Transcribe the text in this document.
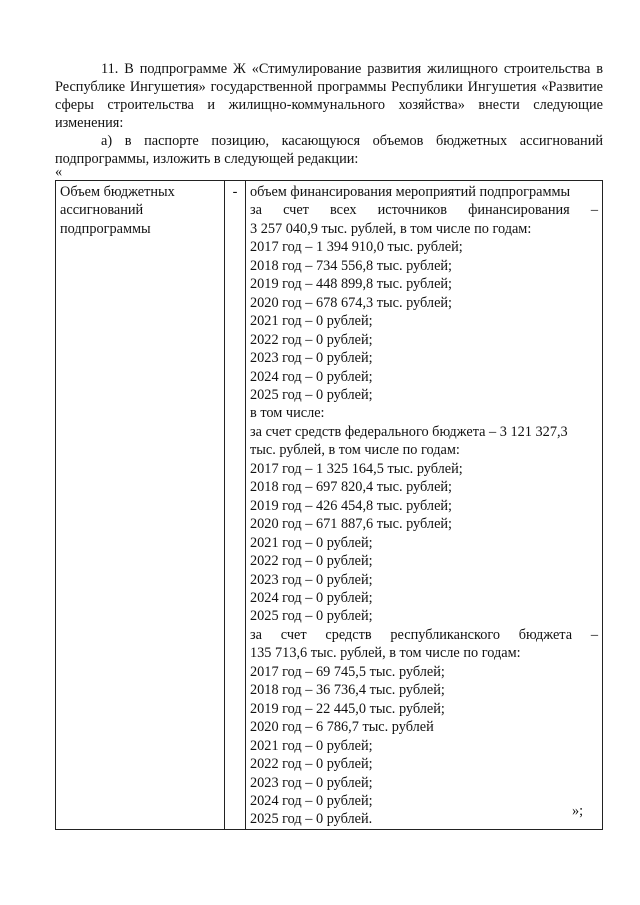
11. В подпрограмме Ж «Стимулирование развития жилищного строительства в Республике Ингушетия» государственной программы Республики Ингушетия «Развитие сферы строительства и жилищно-коммунального хозяйства» внести следующие изменения:

а) в паспорте позицию, касающуюся объемов бюджетных ассигнований подпрограммы, изложить в следующей редакции:

«
Объем бюджетных ассигнований подпрограммы	-	объем финансирования мероприятий подпрограммы
за счет всех источников финансирования –
3 257 040,9 тыс. рублей, в том числе по годам:
2017 год – 1 394 910,0 тыс. рублей;
2018 год – 734 556,8 тыс. рублей;
2019 год – 448 899,8 тыс. рублей;
2020 год – 678 674,3 тыс. рублей;
2021 год – 0 рублей;
2022 год – 0 рублей;
2023 год – 0 рублей;
2024 год – 0 рублей;
2025 год – 0 рублей;
в том числе:
за счет средств федерального бюджета – 3 121 327,3
тыс. рублей, в том числе по годам:
2017 год – 1 325 164,5 тыс. рублей;
2018 год – 697 820,4 тыс. рублей;
2019 год – 426 454,8 тыс. рублей;
2020 год – 671 887,6 тыс. рублей;
2021 год – 0 рублей;
2022 год – 0 рублей;
2023 год – 0 рублей;
2024 год – 0 рублей;
2025 год – 0 рублей;
за счет средств республиканского бюджета –
135 713,6 тыс. рублей, в том числе по годам:
2017 год – 69 745,5 тыс. рублей;
2018 год – 36 736,4 тыс. рублей;
2019 год – 22 445,0 тыс. рублей;
2020 год – 6 786,7 тыс. рублей
2021 год – 0 рублей;
2022 год – 0 рублей;
2023 год – 0 рублей;
2024 год – 0 рублей;
2025 год – 0 рублей.
»;
